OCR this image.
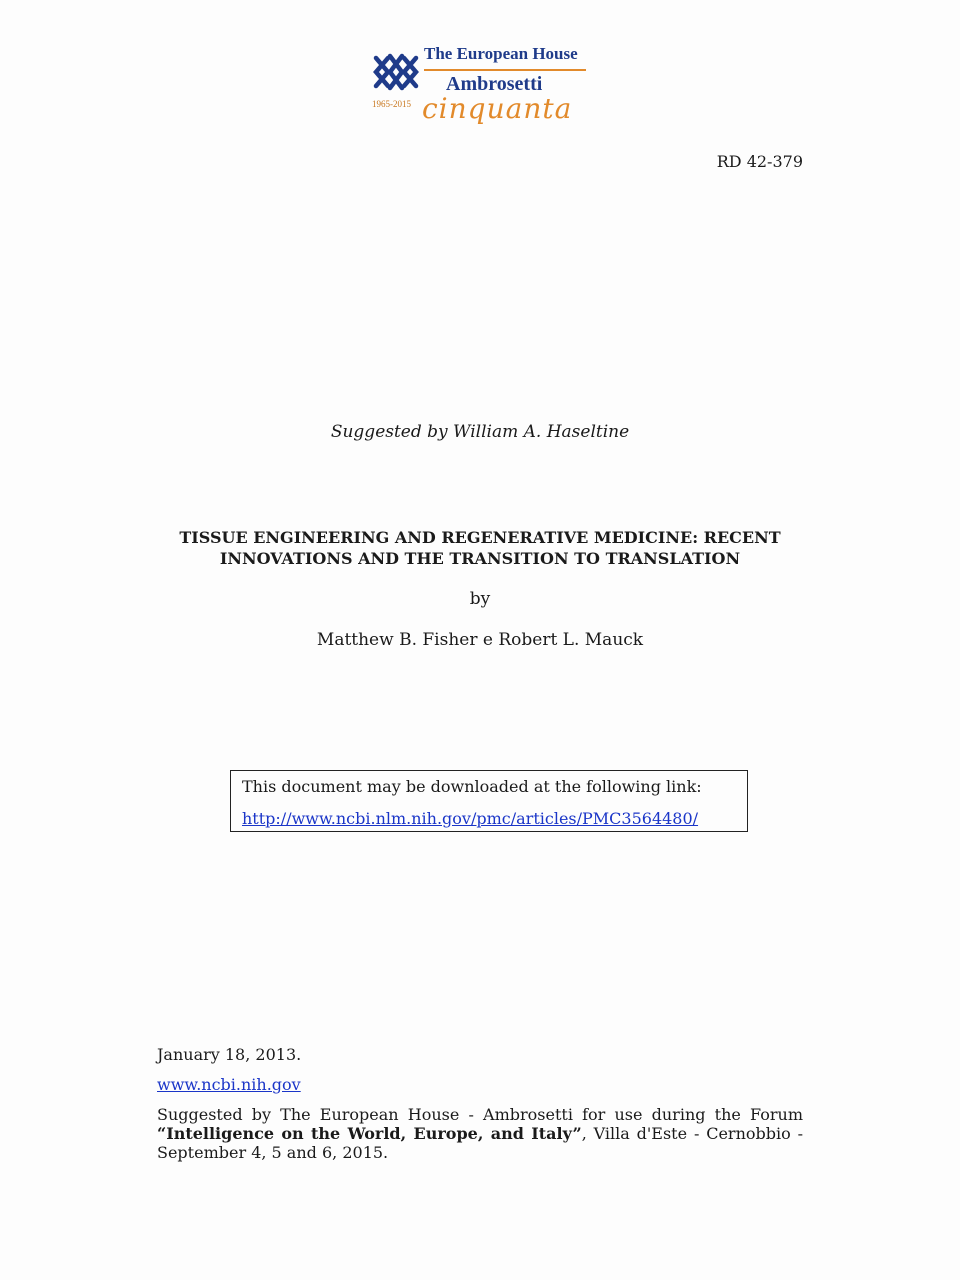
The European House
Ambrosetti
1965-2015 cinquanta
RD 42-379
Suggested by William A. Haseltine
TISSUE ENGINEERING AND REGENERATIVE MEDICINE: RECENT
INNOVATIONS AND THE TRANSITION TO TRANSLATION
by
Matthew B. Fisher e Robert L. Mauck
This document may be downloaded at the following link:
http://www.ncbi.nlm.nih.gov/pmc/articles/PMC3564480/
January 18, 2013.
www.ncbi.nih.gov
Suggested by The European House - Ambrosetti for use during the Forum
“Intelligence on the World, Europe, and Italy”, Villa d'Este - Cernobbio -
September 4, 5 and 6, 2015.
